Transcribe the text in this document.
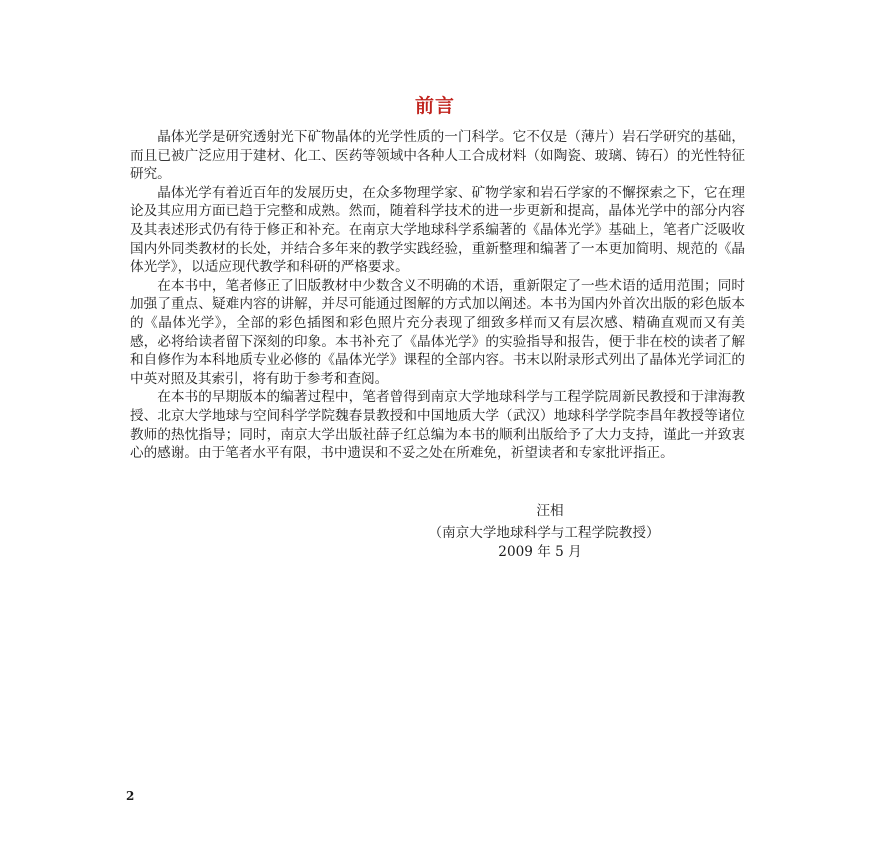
前言

晶体光学是研究透射光下矿物晶体的光学性质的一门科学。它不仅是（薄片）岩石学研究的基础，而且已被广泛应用于建材、化工、医药等领域中各种人工合成材料（如陶瓷、玻璃、铸石）的光性特征研究。

晶体光学有着近百年的发展历史，在众多物理学家、矿物学家和岩石学家的不懈探索之下，它在理论及其应用方面已趋于完整和成熟。然而，随着科学技术的进一步更新和提高，晶体光学中的部分内容及其表述形式仍有待于修正和补充。在南京大学地球科学系编著的《晶体光学》基础上，笔者广泛吸收国内外同类教材的长处，并结合多年来的教学实践经验，重新整理和编著了一本更加简明、规范的《晶体光学》，以适应现代教学和科研的严格要求。

在本书中，笔者修正了旧版教材中少数含义不明确的术语，重新限定了一些术语的适用范围；同时加强了重点、疑难内容的讲解，并尽可能通过图解的方式加以阐述。本书为国内外首次出版的彩色版本的《晶体光学》，全部的彩色插图和彩色照片充分表现了细致多样而又有层次感、精确直观而又有美感，必将给读者留下深刻的印象。本书补充了《晶体光学》的实验指导和报告，便于非在校的读者了解和自修作为本科地质专业必修的《晶体光学》课程的全部内容。书末以附录形式列出了晶体光学词汇的中英对照及其索引，将有助于参考和查阅。

在本书的早期版本的编著过程中，笔者曾得到南京大学地球科学与工程学院周新民教授和于津海教授、北京大学地球与空间科学学院魏春景教授和中国地质大学（武汉）地球科学学院李昌年教授等诸位教师的热忱指导；同时，南京大学出版社薛子红总编为本书的顺利出版给予了大力支持，谨此一并致衷心的感谢。由于笔者水平有限，书中遗误和不妥之处在所难免，祈望读者和专家批评指正。

汪相
（南京大学地球科学与工程学院教授）
2009 年 5 月
2
